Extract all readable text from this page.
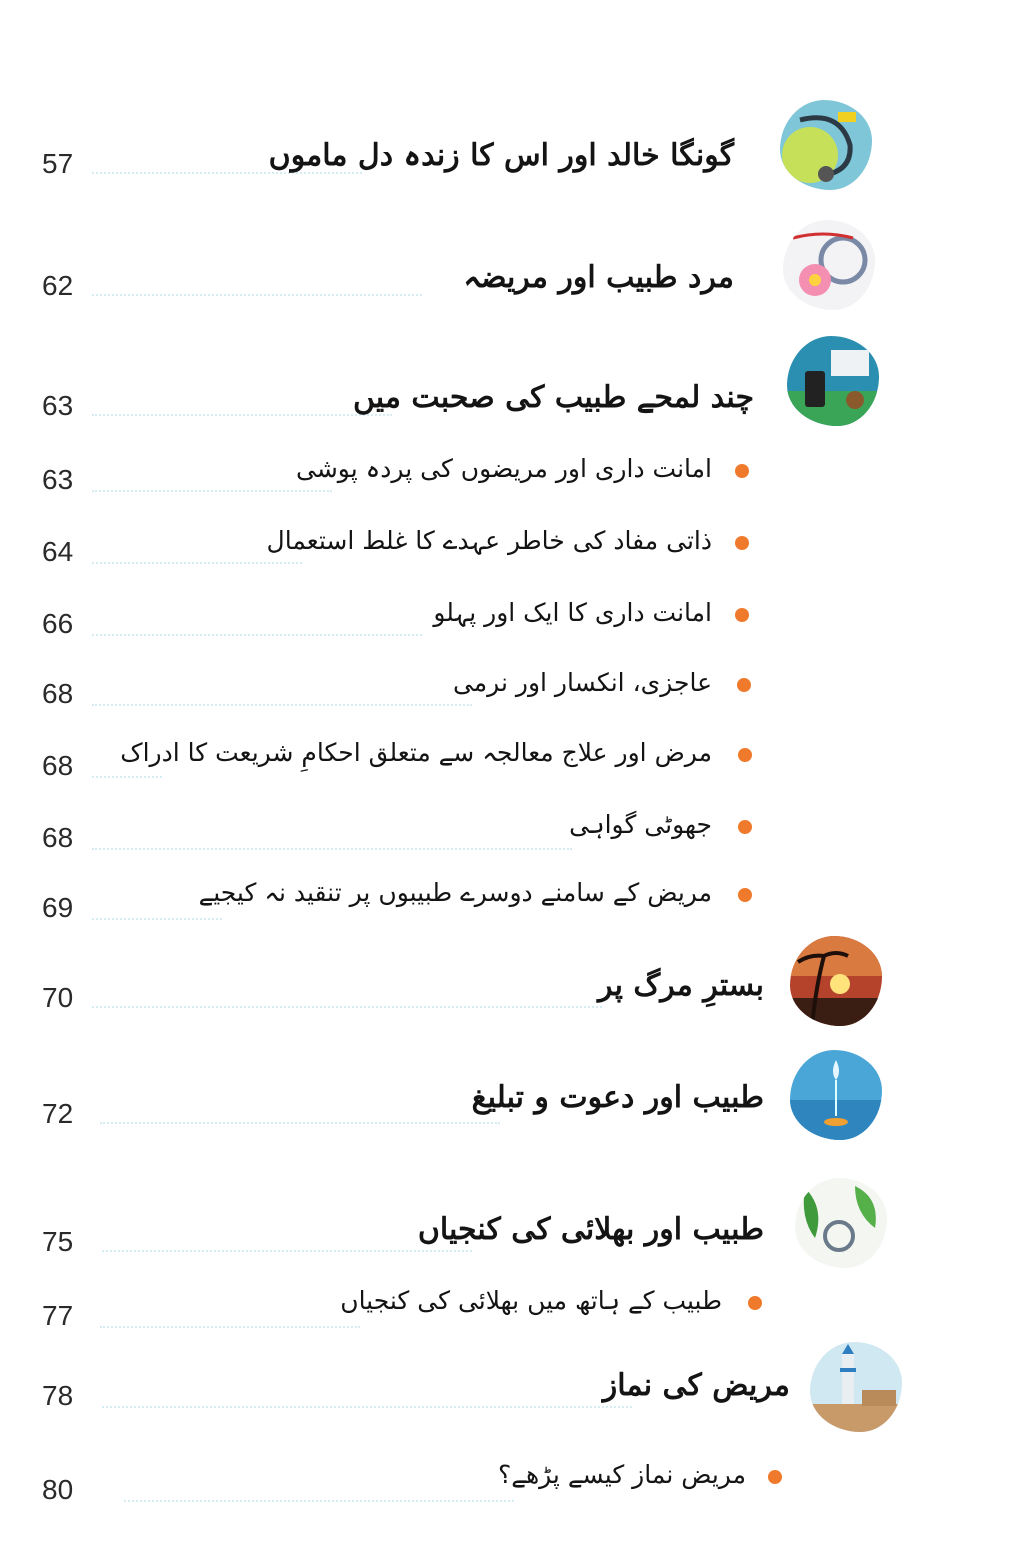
57	گونگا خالد اور اس کا زندہ دل ماموں
62	مرد طبیب اور مریضہ
63	چند لمحے طبیب کی صحبت میں
63	امانت داری اور مریضوں کی پردہ پوشی
64	ذاتی مفاد کی خاطر عہدے کا غلط استعمال
66	امانت داری کا ایک اور پہلو
68	عاجزی، انکسار اور نرمی
68 مرض اور علاج معالجہ سے متعلق احکامِ شریعت کا ادراک
68	جھوٹی گواہی
69	مریض کے سامنے دوسرے طبیبوں پر تنقید نہ کیجیے
70	بسترِ مرگ پر
72	طبیب اور دعوت و تبلیغ
75	طبیب اور بھلائی کی کنجیاں
77	طبیب کے ہاتھ میں بھلائی کی کنجیاں
78	مریض کی نماز
80	مریض نماز کیسے پڑھے؟
